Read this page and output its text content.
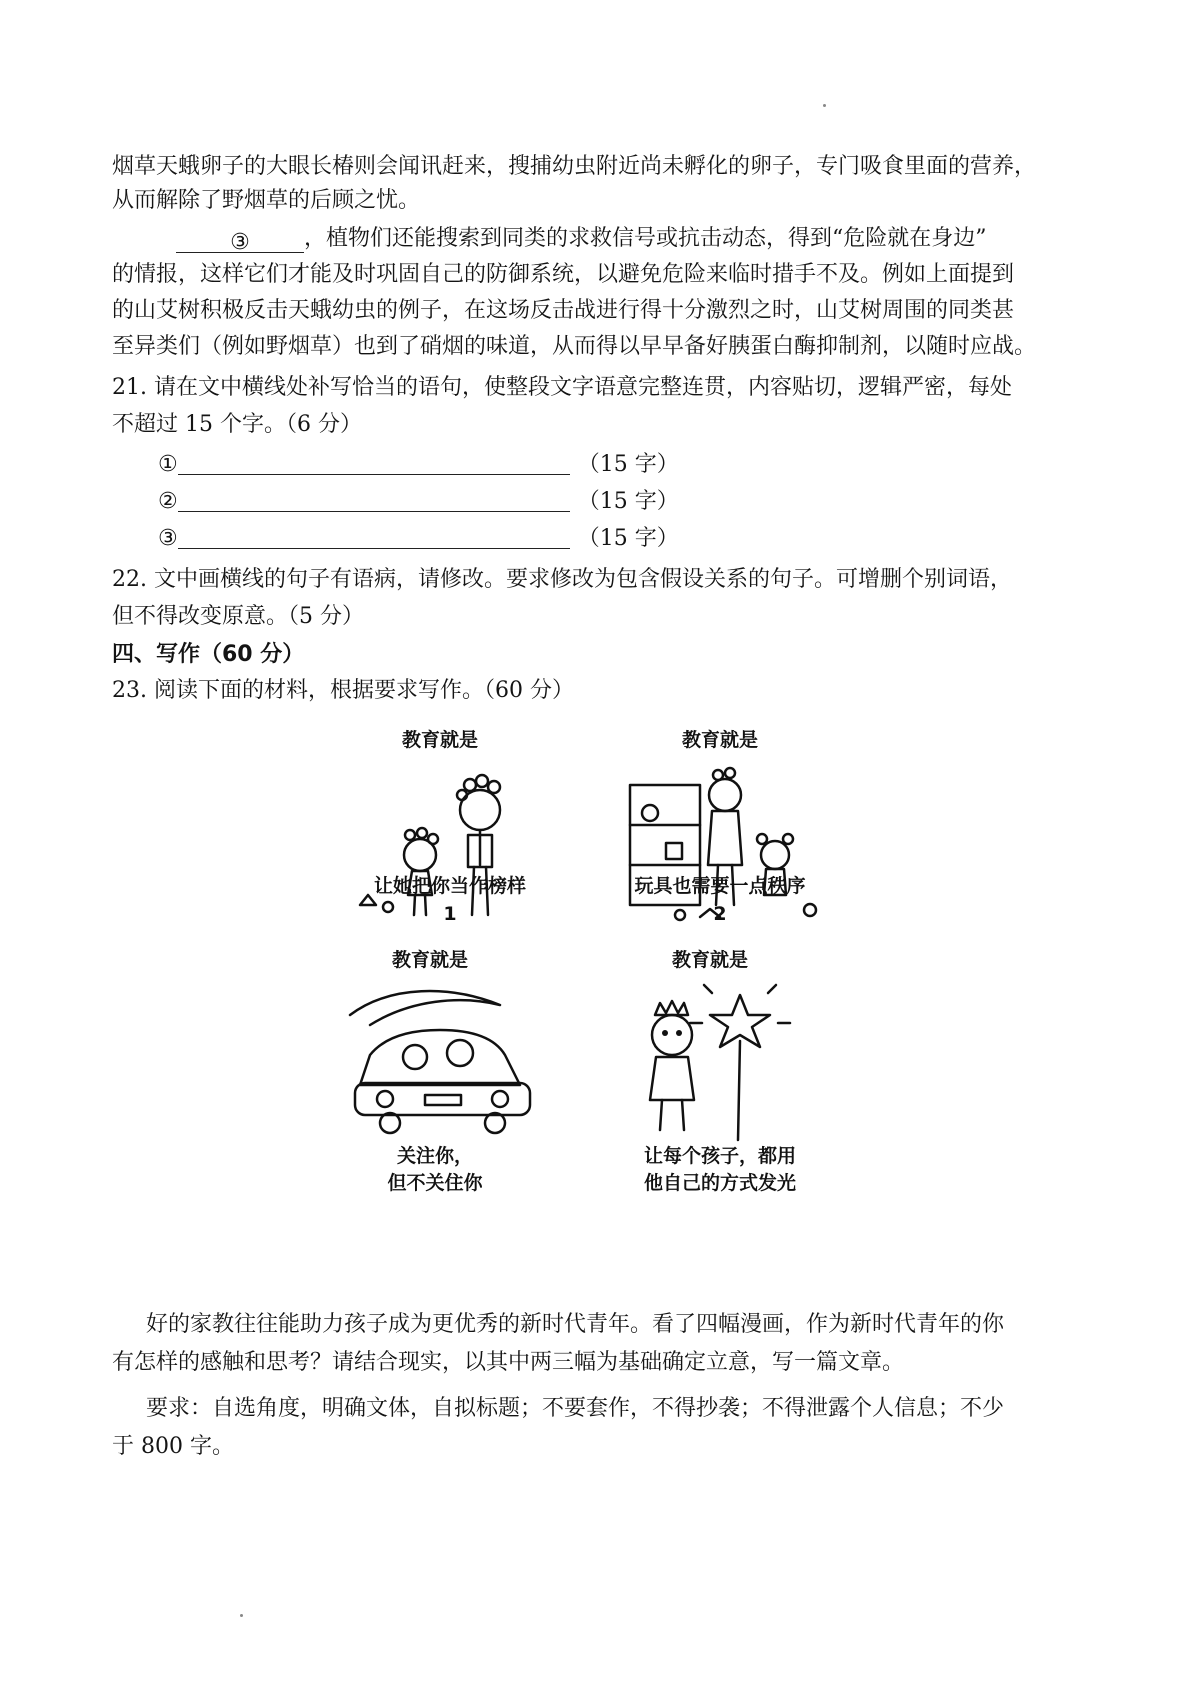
烟草天蛾卵子的大眼长椿则会闻讯赶来，搜捕幼虫附近尚未孵化的卵子，专门吸食里面的营养，
从而解除了野烟草的后顾之忧。
③ ，植物们还能搜索到同类的求救信号或抗击动态，得到“危险就在身边”
的情报，这样它们才能及时巩固自己的防御系统，以避免危险来临时措手不及。例如上面提到
的山艾树积极反击天蛾幼虫的例子，在这场反击战进行得十分激烈之时，山艾树周围的同类甚
至异类们（例如野烟草）也到了硝烟的味道，从而得以早早备好胰蛋白酶抑制剂，以随时应战。
21. 请在文中横线处补写恰当的语句，使整段文字语意完整连贯，内容贴切，逻辑严密，每处
不超过 15 个字。（6 分）
①	（15 字）
②	（15 字）
③	（15 字）
22. 文中画横线的句子有语病，请修改。要求修改为包含假设关系的句子。可增删个别词语，
但不得改变原意。（5 分）
四、写作（60 分）
23. 阅读下面的材料，根据要求写作。（60 分）
教育就是
让她把你当作榜样
1
教育就是
玩具也需要一点秩序
2
教育就是
关注你，
但不关住你
教育就是
让每个孩子，都用
他自己的方式发光
好的家教往往能助力孩子成为更优秀的新时代青年。看了四幅漫画，作为新时代青年的你
有怎样的感触和思考？请结合现实，以其中两三幅为基础确定立意，写一篇文章。
要求：自选角度，明确文体，自拟标题；不要套作，不得抄袭；不得泄露个人信息；不少
于 800 字。
